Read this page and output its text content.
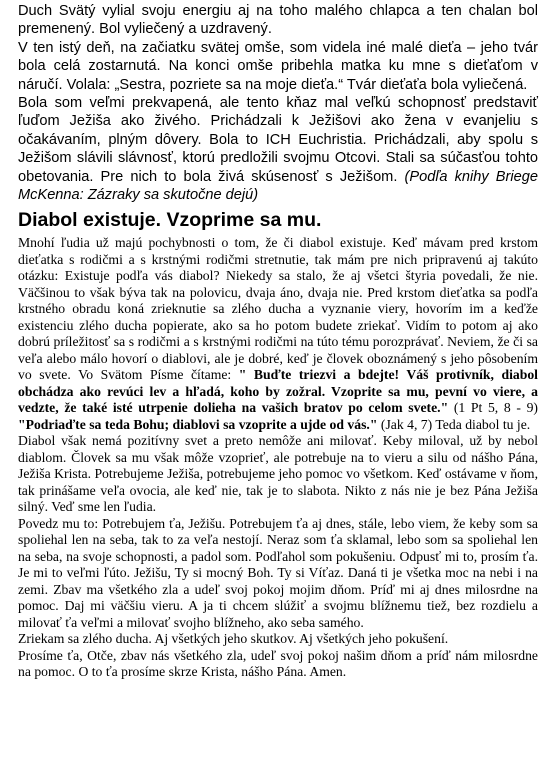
Duch Svätý vylial svoju energiu aj na toho malého chlapca a ten chalan bol premenený. Bol vyliečený a uzdravený.

V ten istý deň, na začiatku svätej omše, som videla iné malé dieťa – jeho tvár bola celá zostarnutá. Na konci omše pribehla matka ku mne s dieťaťom v náručí. Volala: „Sestra, pozriete sa na moje dieťa.“ Tvár dieťaťa bola vyliečená.

Bola som veľmi prekvapená, ale tento kňaz mal veľkú schopnosť predstaviť ľuďom Ježiša ako živého. Prichádzali k Ježišovi ako žena v evanjeliu s očakávaním, plným dôvery. Bola to ICH Euchristia. Prichádzali, aby spolu s Ježišom slávili slávnosť, ktorú predložili svojmu Otcovi. Stali sa súčasťou tohto obetovania. Pre nich to bola živá skúsenosť s Ježišom. (Podľa knihy Briege McKenna: Zázraky sa skutočne dejú)

Diabol existuje. Vzoprime sa mu.

Mnohí ľudia už majú pochybnosti o tom, že či diabol existuje. Keď mávam pred krstom dieťatka s rodičmi a s krstnými rodičmi stretnutie, tak mám pre nich pripravenú aj takúto otázku: Existuje podľa vás diabol? Niekedy sa stalo, že aj všetci štyria povedali, že nie. Väčšinou to však býva tak na polovicu, dvaja áno, dvaja nie. Pred krstom dieťatka sa podľa krstného obradu koná zrieknutie sa zlého ducha a vyznanie viery, hovorím im a keďže existenciu zlého ducha popierate, ako sa ho potom budete zriekať. Vidím to potom aj ako dobrú príležitosť sa s rodičmi a s krstnými rodičmi na túto tému porozprávať. Neviem, že či sa veľa alebo málo hovorí o diablovi, ale je dobré, keď je človek oboznámený s jeho pôsobením vo svete. Vo Svätom Písme čítame: " Buďte triezvi a bdejte! Váš protivník, diabol obchádza ako revúci lev a hľadá, koho by zožral. Vzoprite sa mu, pevní vo viere, a vedzte, že také isté utrpenie dolieha na vašich bratov po celom svete." (1 Pt 5, 8 - 9) "Podriaďte sa teda Bohu; diablovi sa vzoprite a ujde od vás." (Jak 4, 7) Teda diabol tu je.

Diabol však nemá pozitívny svet a preto nemôže ani milovať. Keby miloval, už by nebol diablom. Človek sa mu však môže vzoprieť, ale potrebuje na to vieru a silu od nášho Pána, Ježiša Krista. Potrebujeme Ježiša, potrebujeme jeho pomoc vo všetkom. Keď ostávame v ňom, tak prinášame veľa ovocia, ale keď nie, tak je to slabota. Nikto z nás nie je bez Pána Ježiša silný. Veď sme len ľudia.

Povedz mu to: Potrebujem ťa, Ježišu. Potrebujem ťa aj dnes, stále, lebo viem, že keby som sa spoliehal len na seba, tak to za veľa nestojí. Neraz som ťa sklamal, lebo som sa spoliehal len na seba, na svoje schopnosti, a padol som. Podľahol som pokušeniu. Odpusť mi to, prosím ťa. Je mi to veľmi ľúto. Ježišu, Ty si mocný Boh. Ty si Víťaz. Daná ti je všetka moc na nebi i na zemi. Zbav ma všetkého zla a udeľ svoj pokoj mojim dňom. Príď mi aj dnes milosrdne na pomoc. Daj mi väčšiu vieru. A ja ti chcem slúžiť a svojmu blížnemu tiež, bez rozdielu a milovať ťa veľmi a milovať svojho blížneho, ako seba samého.

Zriekam sa zlého ducha. Aj všetkých jeho skutkov. Aj všetkých jeho pokušení.

Prosíme ťa, Otče, zbav nás všetkého zla, udeľ svoj pokoj našim dňom a príď nám milosrdne na pomoc. O to ťa prosíme skrze Krista, nášho Pána. Amen.
